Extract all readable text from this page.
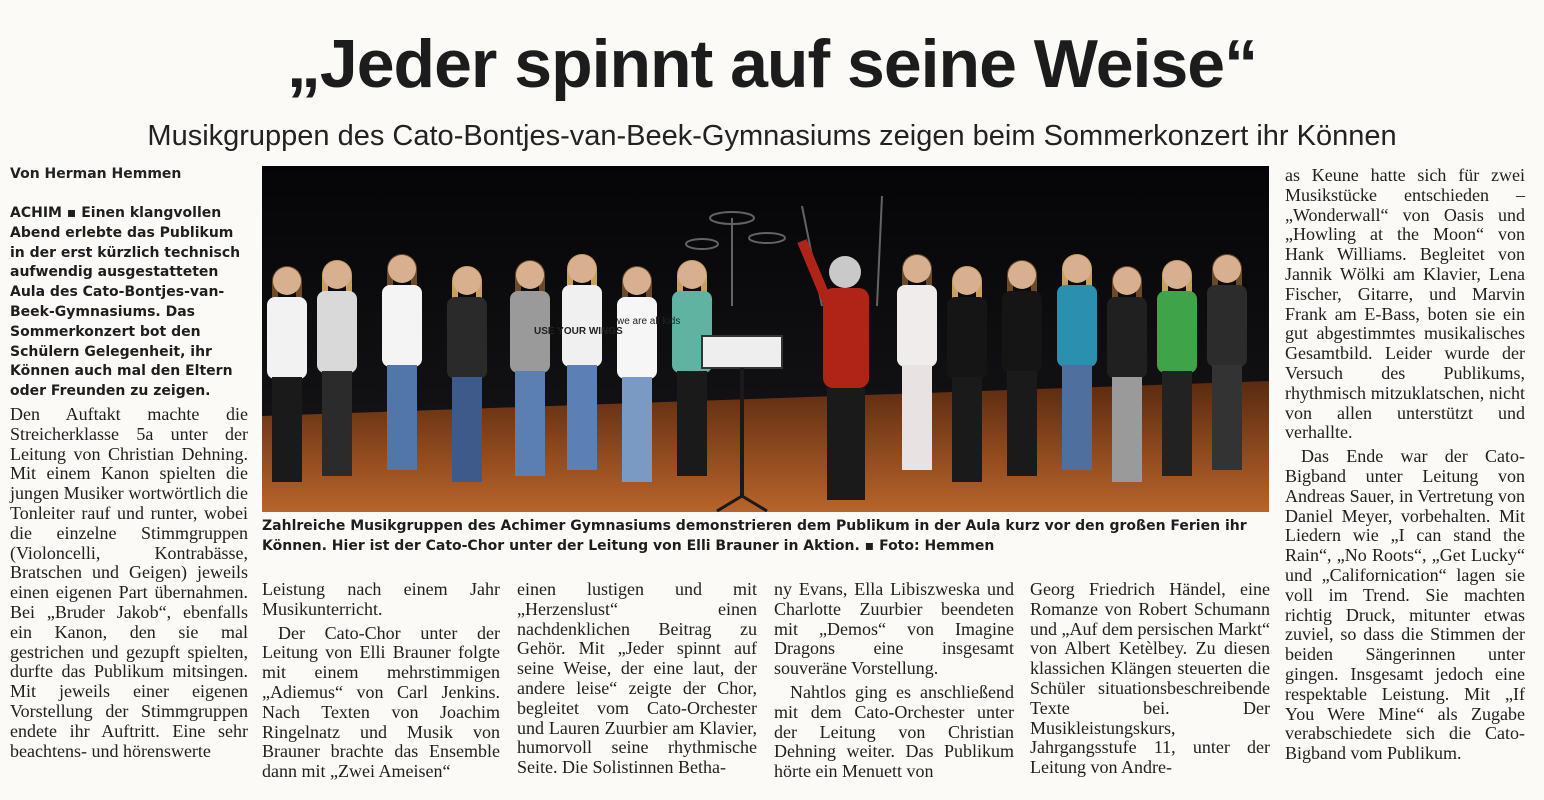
„Jeder spinnt auf seine Weise“
Musikgruppen des Cato-Bontjes-van-Beek-Gymnasiums zeigen beim Sommerkonzert ihr Können
Von Herman Hemmen
ACHIM ▪ Einen klangvollen Abend erlebte das Publikum in der erst kürzlich technisch aufwendig ausgestatteten Aula des Cato-Bontjes-van-Beek-Gymnasiums. Das Sommerkonzert bot den Schülern Gelegenheit, ihr Können auch mal den Eltern oder Freunden zu zeigen.

Den Auftakt machte die Streicherklasse 5a unter der Leitung von Christian Dehning. Mit einem Kanon spielten die jungen Musiker wortwörtlich die Tonleiter rauf und runter, wobei die einzelne Stimmgruppen (Violoncelli, Kontrabässe, Bratschen und Geigen) jeweils einen eigenen Part übernahmen. Bei „Bruder Jakob“, ebenfalls ein Kanon, den sie mal gestrichen und gezupft spielten, durfte das Publikum mitsingen. Mit jeweils einer eigenen Vorstellung der Stimmgruppen endete ihr Auftritt. Eine sehr beachtens- und hörenswerte

USE YOUR WINGS
we are all kids
Zahlreiche Musikgruppen des Achimer Gymnasiums demonstrieren dem Publikum in der Aula kurz vor den großen Ferien ihr Können. Hier ist der Cato-Chor unter der Leitung von Elli Brauner in Aktion. ▪ Foto: Hemmen

Leistung nach einem Jahr Musikunterricht.

Der Cato-Chor unter der Leitung von Elli Brauner folgte mit einem mehrstimmigen „Adiemus“ von Carl Jenkins. Nach Texten von Joachim Ringelnatz und Musik von Brauner brachte das Ensemble dann mit „Zwei Ameisen“

einen lustigen und mit „Herzenslust“ einen nachdenklichen Beitrag zu Gehör. Mit „Jeder spinnt auf seine Weise, der eine laut, der andere leise“ zeigte der Chor, begleitet vom Cato-Orchester und Lauren Zuurbier am Klavier, humorvoll seine rhythmische Seite. Die Solistinnen Betha-

ny Evans, Ella Libiszweska und Charlotte Zuurbier beendeten mit „Demos“ von Imagine Dragons eine insgesamt souveräne Vorstellung.

Nahtlos ging es anschließend mit dem Cato-Orchester unter der Leitung von Christian Dehning weiter. Das Publikum hörte ein Menuett von

Georg Friedrich Händel, eine Romanze von Robert Schumann und „Auf dem persischen Markt“ von Albert Ketèlbey. Zu diesen klassichen Klängen steuerten die Schüler situationsbeschreibende Texte bei. Der Musikleistungskurs, Jahrgangsstufe 11, unter der Leitung von Andre-

as Keune hatte sich für zwei Musikstücke entschieden – „Wonderwall“ von Oasis und „Howling at the Moon“ von Hank Williams. Begleitet von Jannik Wölki am Klavier, Lena Fischer, Gitarre, und Marvin Frank am E-Bass, boten sie ein gut abgestimmtes musikalisches Gesamtbild. Leider wurde der Versuch des Publikums, rhythmisch mitzuklatschen, nicht von allen unterstützt und verhallte.

Das Ende war der Cato-Bigband unter Leitung von Andreas Sauer, in Vertretung von Daniel Meyer, vorbehalten. Mit Liedern wie „I can stand the Rain“, „No Roots“, „Get Lucky“ und „Californication“ lagen sie voll im Trend. Sie machten richtig Druck, mitunter etwas zuviel, so dass die Stimmen der beiden Sängerinnen unter gingen. Insgesamt jedoch eine respektable Leistung. Mit „If You Were Mine“ als Zugabe verabschiedete sich die Cato-Bigband vom Publikum.
